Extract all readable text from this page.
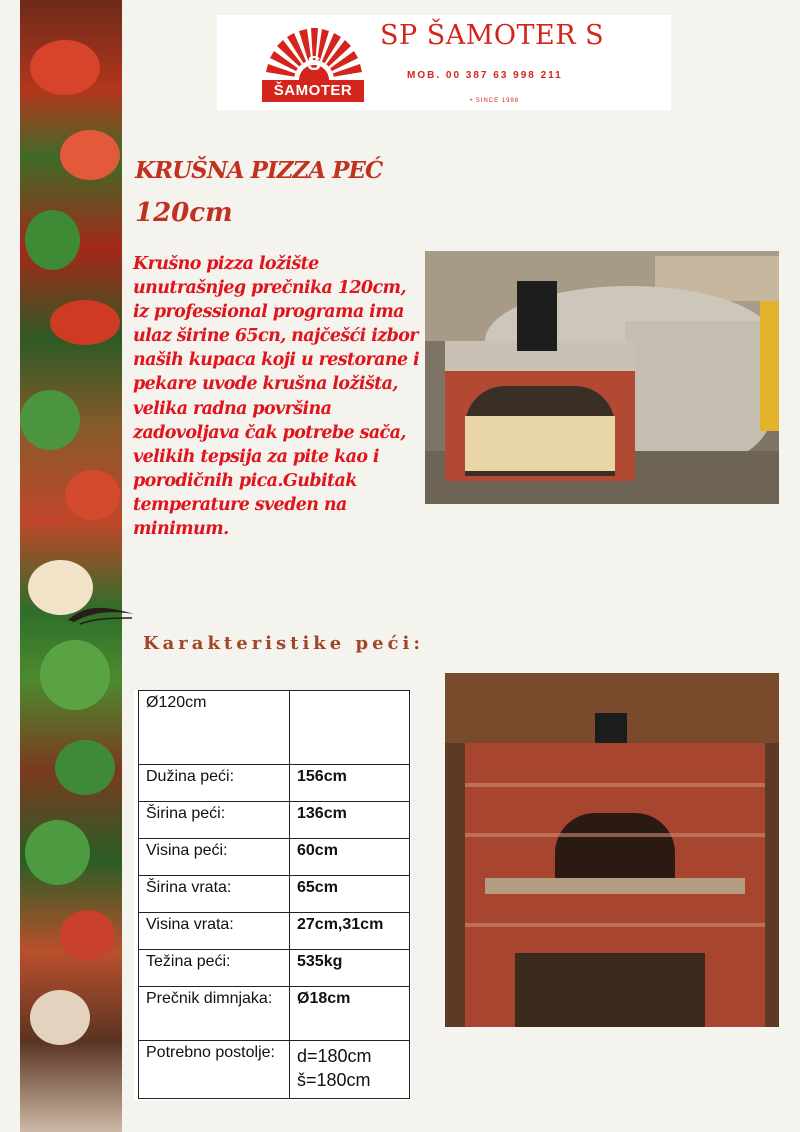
S
ŠAMOTER
SP ŠAMOTER S
MOB. 00 387 63 998 211
• SINCE 1998
KRUŠNA PIZZA PEĆ
120cm
Krušno pizza ložište unutrašnjeg prečnika 120cm, iz professional programa ima ulaz širine 65cn, najčešći izbor naših kupaca koji u restorane i pekare uvode krušna ložišta, velika radna površina zadovoljava čak potrebe sača, velikih tepsija za pite kao i porodičnih pica.Gubitak temperature sveden na minimum.
Karakteristike peći:
Ø120cm	
Dužina peći:	156cm
Širina peći:	136cm
Visina peći:	60cm
Širina vrata:	65cm
Visina vrata:	27cm,31cm
Težina peći:	535kg
Prečnik dimnjaka:	Ø18cm
Potrebno postolje:	d=180cm
š=180cm
